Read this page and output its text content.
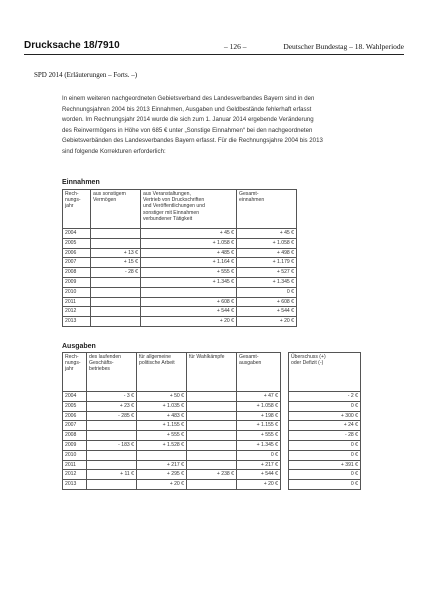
Drucksache 18/7910	– 126 –	Deutscher Bundestag – 18. Wahlperiode
SPD 2014 (Erläuterungen – Forts. –)
In einem weiteren nachgeordneten Gebietsverband des Landesverbandes Bayern sind in den
Rechnungsjahren 2004 bis 2013 Einnahmen, Ausgaben und Geldbestände fehlerhaft erfasst
worden. Im Rechnungsjahr 2014 wurde die sich zum 1. Januar 2014 ergebende Veränderung
des Reinvermögens in Höhe von 685 € unter „Sonstige Einnahmen“ bei den nachgeordneten
Gebietsverbänden des Landesverbandes Bayern erfasst. Für die Rechnungsjahre 2004 bis 2013
sind folgende Korrekturen erforderlich:
Einnahmen
Rech-
nungs-
jahr	aus sonstigem
Vermögen	aus Veranstaltungen,
Vertrieb von Druckschriften
und Veröffentlichungen und
sonstiger mit Einnahmen
verbundener Tätigkeit	Gesamt-
einnahmen
2004		+ 45 €	+ 45 €
2005		+ 1.058 €	+ 1.058 €
2006	+ 13 €	+ 485 €	+ 498 €
2007	+ 15 €	+ 1.164 €	+ 1.179 €
2008	- 28 €	+ 555 €	+ 527 €
2009		+ 1.345 €	+ 1.345 €
2010			0 €
2011		+ 608 €	+ 608 €
2012		+ 544 €	+ 544 €
2013		+ 20 €	+ 20 €
Ausgaben
Rech-
nungs-
jahr	des laufenden
Geschäfts-
betriebes	für allgemeine
politische Arbeit	für Wahlkämpfe	Gesamt-
ausgaben		Überschuss (+)
oder Defizit (-)
2004	- 3 €	+ 50 €		+ 47 €		- 2 €
2005	+ 23 €	+ 1.035 €		+ 1.058 €		0 €
2006	- 285 €	+ 483 €		+ 198 €		+ 300 €
2007		+ 1.155 €		+ 1.155 €		+ 24 €
2008		+ 555 €		+ 555 €		- 28 €
2009	- 183 €	+ 1.528 €		+ 1.345 €		0 €
2010				0 €		0 €
2011		+ 217 €		+ 217 €		+ 391 €
2012	+ 11 €	+ 295 €	+ 238 €	+ 544 €		0 €
2013		+ 20 €		+ 20 €		0 €
